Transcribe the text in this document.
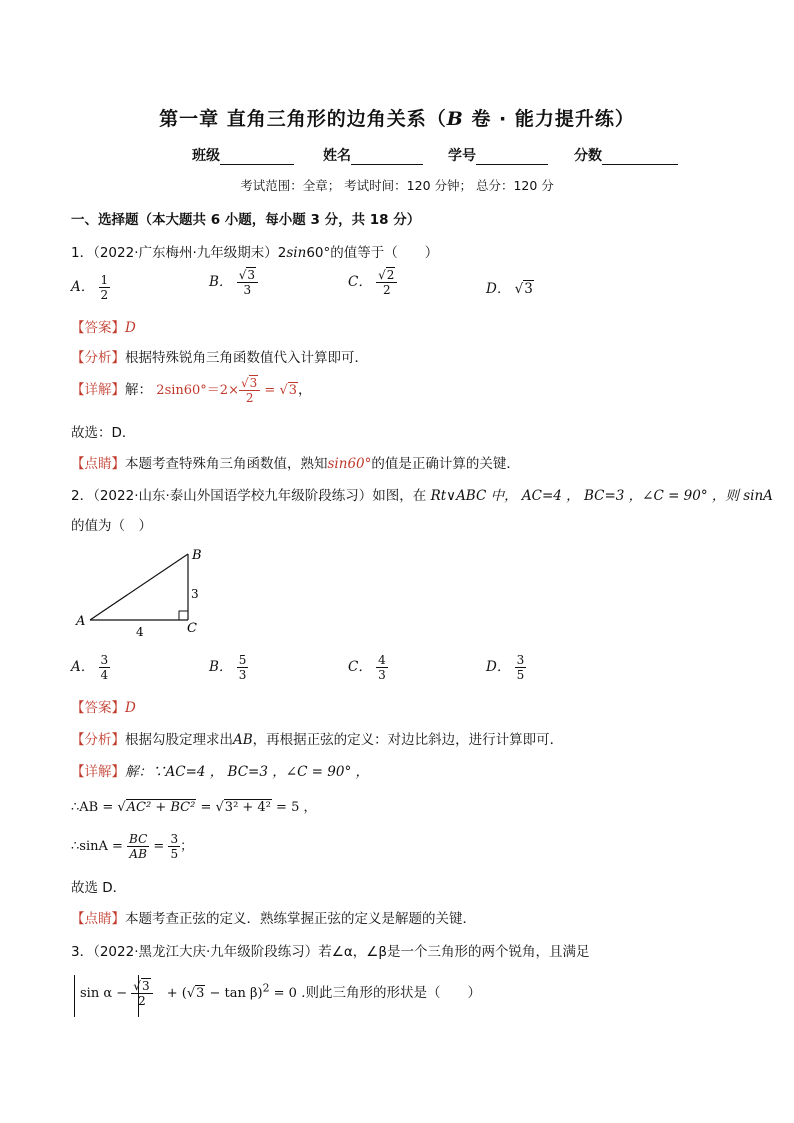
第一章 直角三角形的边角关系（B 卷 · 能力提升练）
班级	姓名	学号	分数
考试范围：全章； 考试时间：120 分钟； 总分：120 分
一、选择题（本大题共 6 小题，每小题 3 分，共 18 分）
1．（2022·广东梅州·九年级期末）2sin60°的值等于（　　）
A． $\frac{1}{2}$	B． $\frac{√3}{3}$	C． $\frac{√2}{2}$	D． √3
【答案】D
【分析】根据特殊锐角三角函数值代入计算即可．
【详解】解： $2\sin 60^\circ=2\times \frac{√3}{2} = √3$，
故选：D．
【点睛】本题考查特殊角三角函数值，熟知sin60°的值是正确计算的关键．
2．（2022·山东·泰山外国语学校九年级阶段练习）如图，在 Rt∨ABC 中， AC=4 ， BC=3 ，∠C = 90° ，则 sinA
的值为（　）
A
B
C
3
4
A． $\frac{3}{4}$	B． $\frac{5}{3}$	C． $\frac{4}{3}$	D． $\frac{3}{5}$
【答案】D
【分析】根据勾股定理求出AB，再根据正弦的定义：对边比斜边，进行计算即可．
【详解】解：∵AC=4 ， BC=3 ，∠C = 90° ，
∴AB = √AC² + BC² = √3² + 4² = 5 ，
∴sinA = $\frac{BC}{AB} = \frac{3}{5}$ ；
故选 D．
【点睛】本题考查正弦的定义．熟练掌握正弦的定义是解题的关键．
3．（2022·黑龙江大庆·九年级阶段练习）若∠α，∠β是一个三角形的两个锐角，且满足
$\sin \alpha - \frac{√3}{2} + (√3 - \tan \beta)^2 = 0$ .则此三角形的形状是（　　）
